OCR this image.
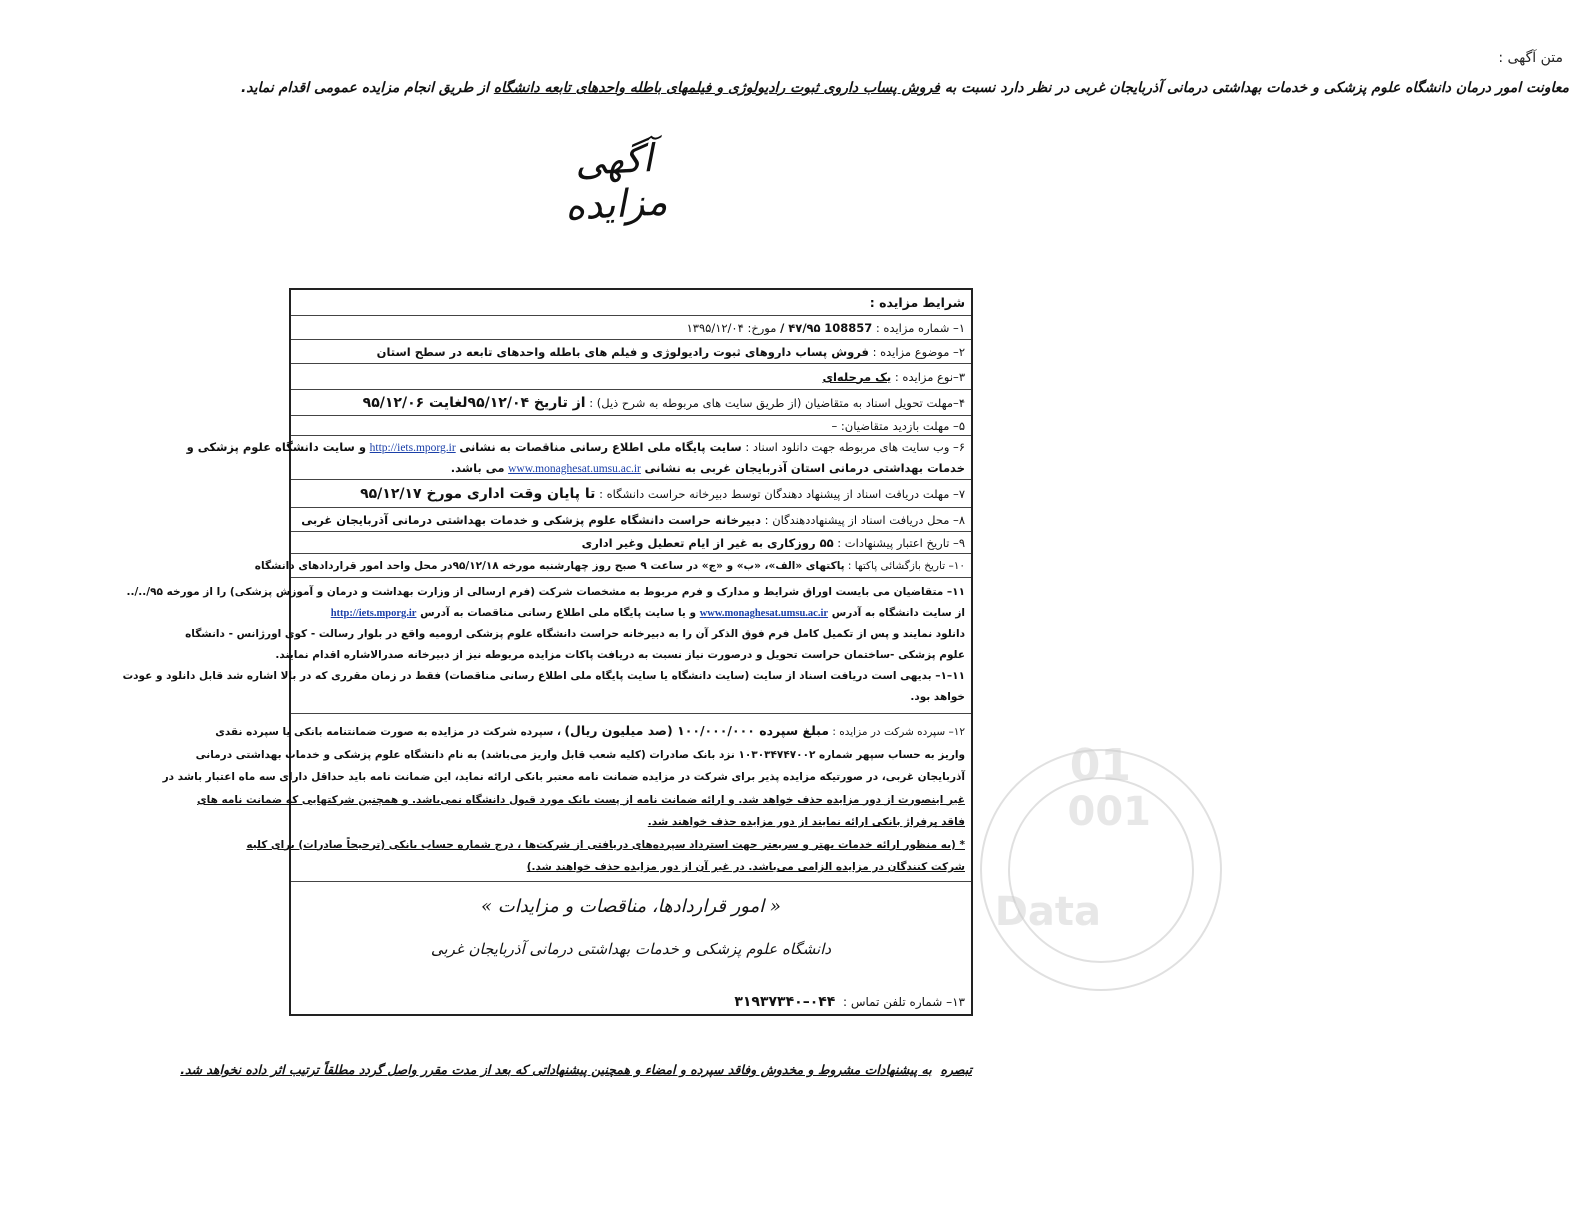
متن آگهی :
معاونت امور درمان دانشگاه علوم پزشکی و خدمات بهداشتی درمانی آذربایجان غربی در نظر دارد نسبت به فروش پساب داروی ثبوت رادیولوژی و فیلمهای باطله واحدهای تابعه دانشگاه از طریق انجام مزایده عمومی اقدام نماید.
آگهی مزایده
شرایط مزایده :
۱– شماره مزایده :

108857

۴۷/۹۵ /

مورخ: ۱۳۹۵/۱۲/۰۴
۲– موضوع مزایده :

فروش پساب داروهای ثبوت رادیولوژی و فیلم های باطله واحدهای تابعه در سطح استان
۳–نوع مزایده :

یک مرحله‌ای
۴–مهلت تحویل اسناد به متقاضیان (از طریق سایت های مربوطه به شرح ذیل) :

از تاریخ ۹۵/۱۲/۰۴لغایت ۹۵/۱۲/۰۶
۵– مهلت بازدید متقاضیان: –

۶– وب سایت های مربوطه جهت دانلود اسناد : سایت پایگاه ملی اطلاع رسانی مناقصات به نشانی http://iets.mporg.ir و سایت دانشگاه علوم پزشکی و

خدمات بهداشتی درمانی استان آذربایجان غربی به نشانی www.monaghesat.umsu.ac.ir می باشد.

۷– مهلت دریافت اسناد از پیشنهاد دهندگان توسط دبیرخانه حراست دانشگاه :

تا پایان وقت اداری مورخ ۹۵/۱۲/۱۷
۸– محل دریافت اسناد از پیشنهاددهندگان :

دبیرخانه حراست دانشگاه علوم پزشکی و خدمات بهداشتی درمانی آذربایجان غربی
۹– تاریخ اعتبار پیشنهادات :

۵۵ روزکاری به غیر از ایام تعطیل وغیر اداری
۱۰– تاریخ بازگشائی پاکتها :

پاکتهای «الف»، «ب» و «ج» در ساعت ۹ صبح روز چهارشنبه مورخه ۹۵/۱۲/۱۸در محل واحد امور قراردادهای دانشگاه

۱۱– متقاضیان می بایست اوراق شرایط و مدارک و فرم مربوط به مشخصات شرکت (فرم ارسالی از وزارت بهداشت و درمان و آموزش پزشکی) را از مورخه ۹۵/../..

از سایت دانشگاه به آدرس www.monaghesat.umsu.ac.ir و یا سایت پایگاه ملی اطلاع رسانی مناقصات به آدرس http://iets.mporg.ir

دانلود نمایند و پس از تکمیل کامل فرم فوق الذکر آن را به دبیرخانه حراست دانشگاه علوم پزشکی ارومیه واقع در بلوار رسالت - کوی اورژانس - دانشگاه

علوم پزشکی -ساختمان حراست تحویل و درصورت نیاز نسبت به دریافت پاکات مزایده مربوطه نیز از دبیرخانه صدرالاشاره اقدام نمایند.

۱۱–۱– بدیهی است دریافت اسناد از سایت (سایت دانشگاه یا سایت پایگاه ملی اطلاع رسانی مناقصات) فقط در زمان مقرری که در بالا اشاره شد قابل دانلود و عودت

خواهد بود.

۱۲– سپرده شرکت در مزایده : مبلغ سپرده ۱۰۰/۰۰۰/۰۰۰ (صد میلیون ریال) ، سپرده شرکت در مزایده به صورت ضمانتنامه بانکی یا سپرده نقدی

واریز به حساب سپهر شماره ۱۰۳۰۳۴۷۴۷۰۰۲ نزد بانک صادرات (کلیه شعب قابل واریز می‌باشد) به نام دانشگاه علوم پزشکی و خدمات بهداشتی درمانی

آذربایجان غربی، در صورتیکه مزایده پذیر برای شرکت در مزایده ضمانت نامه معتبر بانکی ارائه نماید، این ضمانت نامه باید حداقل دارای سه ماه اعتبار باشد در

غیر اینصورت از دور مزایده حذف خواهد شد. و ارائه ضمانت نامه از پست بانک مورد قبول دانشگاه نمی‌باشد. و همچنین شرکتهایی که ضمانت نامه های

فاقد پرفراژ بانکی ارائه نمایند از دور مزایده حذف خواهند شد.

* (به منظور ارائه خدمات بهتر و سریعتر جهت استرداد سپرده‌های دریافتی از شرکت‌ها ، درج شماره حساب بانکی (ترجیحاً صادرات) برای کلیه

شرکت کنندگان در مزایده الزامی می‌باشد. در غیر آن از دور مزایده حذف خواهند شد.)

« امور قراردادها، مناقصات و مزایدات »
دانشگاه علوم پزشکی و خدمات بهداشتی درمانی آذربایجان غربی
۱۳– شماره تلفن تماس :  ۰۴۴–۳۱۹۳۷۳۴۰
01
001
Data
تبصره  به پیشنهادات مشروط و مخدوش وفاقد سپرده و امضاء و همچنین پیشنهاداتی که بعد از مدت مقرر واصل گردد مطلقاً ترتیب اثر داده نخواهد شد.
